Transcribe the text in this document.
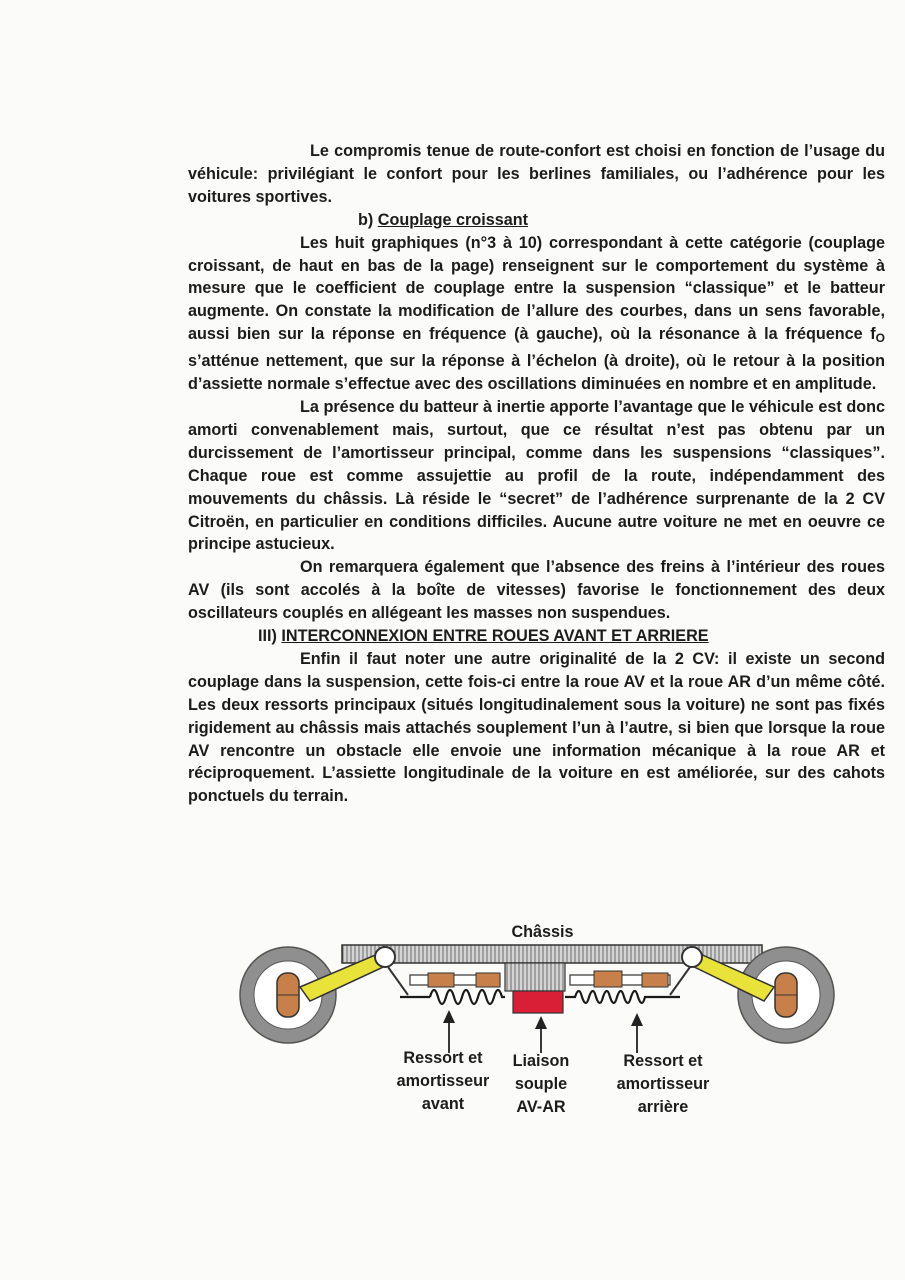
Le compromis tenue de route-confort est choisi en fonction de l’usage du véhicule: privilégiant le confort pour les berlines familiales, ou l’adhérence pour les voitures sportives.

b) Couplage croissant

Les huit graphiques (n°3 à 10) correspondant à cette catégorie (couplage croissant, de haut en bas de la page) renseignent sur le comportement du système à mesure que le coefficient de couplage entre la suspension “classique” et le batteur augmente. On constate la modification de l’allure des courbes, dans un sens favorable, aussi bien sur la réponse en fréquence (à gauche), où la résonance à la fréquence $f_O$ s’atténue nettement, que sur la réponse à l’échelon (à droite), où le retour à la position d’assiette normale s’effectue avec des oscillations diminuées en nombre et en amplitude.

La présence du batteur à inertie apporte l’avantage que le véhicule est donc amorti convenablement mais, surtout, que ce résultat n’est pas obtenu par un durcissement de l’amortisseur principal, comme dans les suspensions “classiques”. Chaque roue est comme assujettie au profil de la route, indépendamment des mouvements du châssis. Là réside le “secret” de l’adhérence surprenante de la 2 CV Citroën, en particulier en conditions difficiles. Aucune autre voiture ne met en oeuvre ce principe astucieux.

On remarquera également que l’absence des freins à l’intérieur des roues AV (ils sont accolés à la boîte de vitesses) favorise le fonctionnement des deux oscillateurs couplés en allégeant les masses non suspendues.

III) INTERCONNEXION ENTRE ROUES AVANT ET ARRIERE

Enfin il faut noter une autre originalité de la 2 CV: il existe un second couplage dans la suspension, cette fois-ci entre la roue AV et la roue AR d’un même côté. Les deux ressorts principaux (situés longitudinalement sous la voiture) ne sont pas fixés rigidement au châssis mais attachés souplement l’un à l’autre, si bien que lorsque la roue AV rencontre un obstacle elle envoie une information mécanique à la roue AR et réciproquement. L’assiette longitudinale de la voiture en est améliorée, sur des cahots ponctuels du terrain.

Châssis
Ressort et
amortisseur
avant
Liaison
souple
AV-AR
Ressort et
amortisseur
arrière
